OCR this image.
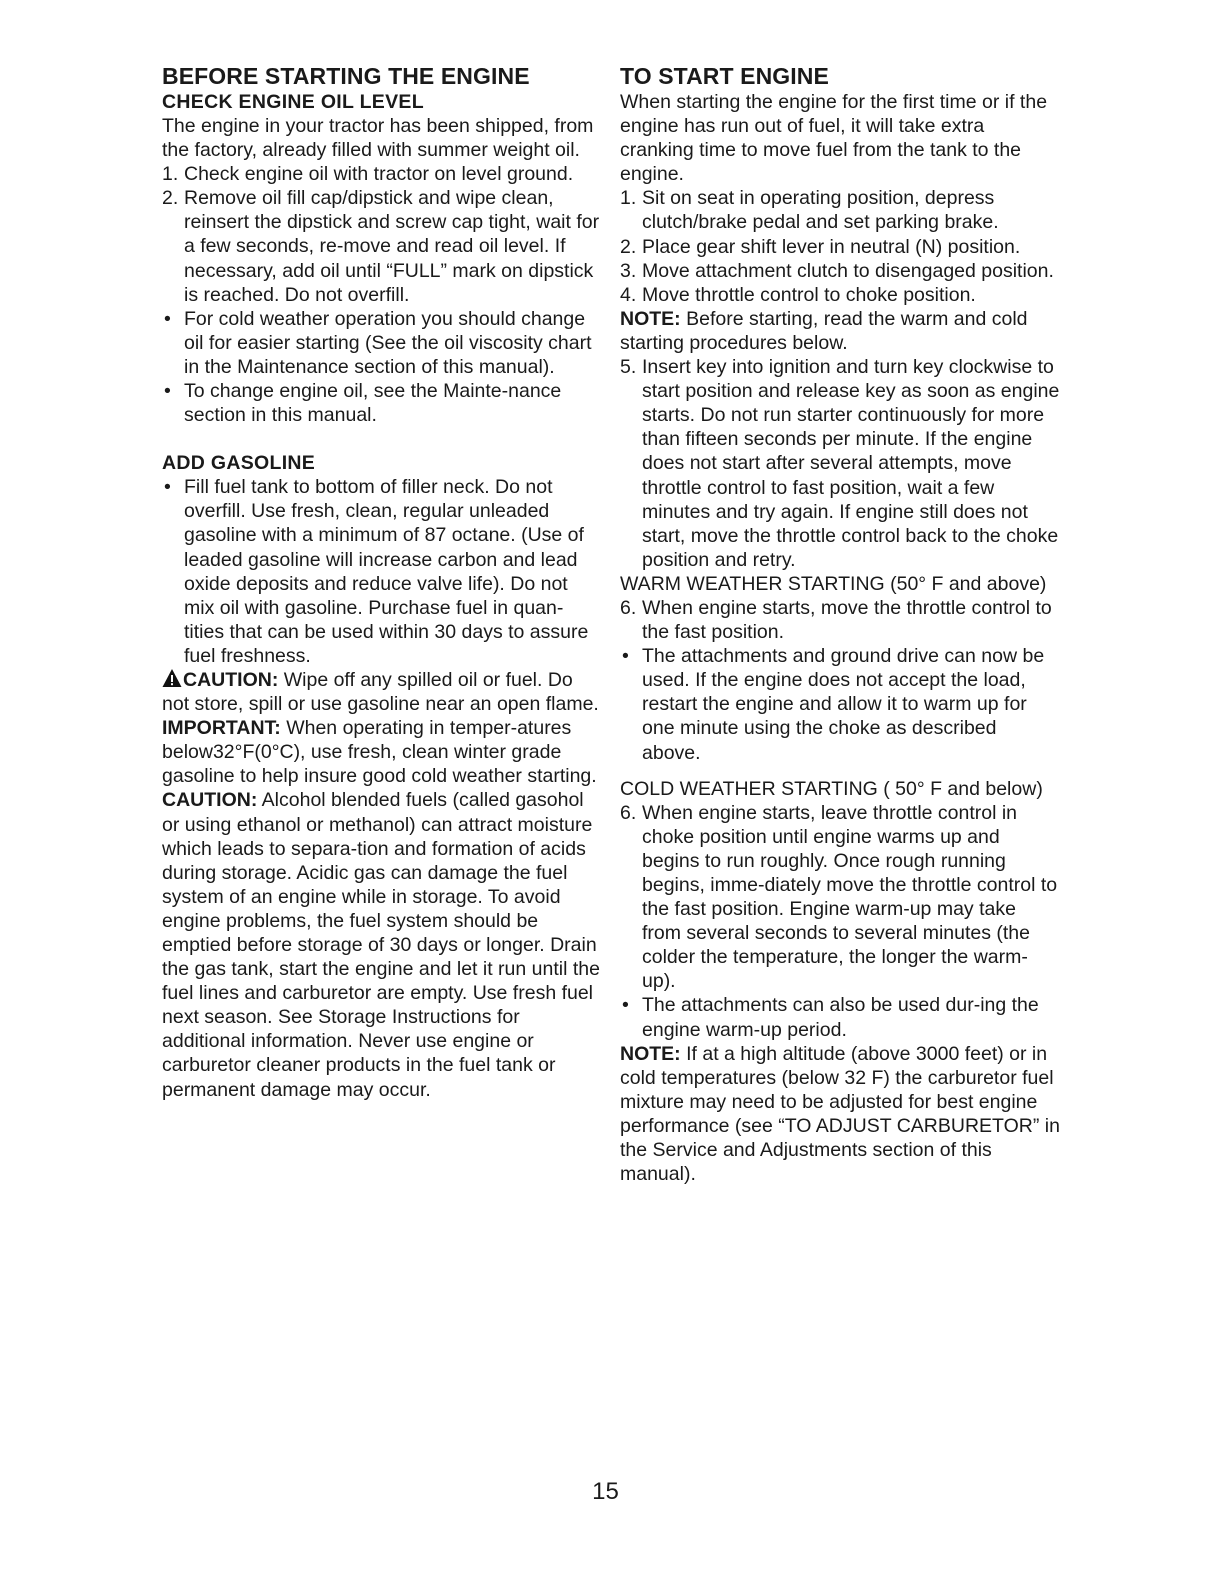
BEFORE STARTING THE ENGINE
CHECK ENGINE OIL LEVEL

The engine in your tractor has been shipped, from the factory, already filled with summer weight oil.

1. Check engine oil with tractor on level ground.
2. Remove oil fill cap/dipstick and wipe clean, reinsert the dipstick and screw cap tight, wait for a few seconds, re-move and read oil level. If necessary, add oil until “FULL” mark on dipstick is reached. Do not overfill.
• For cold weather operation you should change oil for easier starting (See the oil viscosity chart in the Maintenance section of this manual).
• To change engine oil, see the Mainte-nance section in this manual.
ADD GASOLINE
• Fill fuel tank to bottom of filler neck. Do not overfill. Use fresh, clean, regular unleaded gasoline with a minimum of 87 octane. (Use of leaded gasoline will increase carbon and lead oxide deposits and reduce valve life). Do not mix oil with gasoline. Purchase fuel in quan-tities that can be used within 30 days to assure fuel freshness.

CAUTION: Wipe off any spilled oil or fuel. Do not store, spill or use gasoline near an open flame.

IMPORTANT: When operating in temper-atures below32°F(0°C), use fresh, clean winter grade gasoline to help insure good cold weather starting.

CAUTION: Alcohol blended fuels (called gasohol or using ethanol or methanol) can attract moisture which leads to separa-tion and formation of acids during storage. Acidic gas can damage the fuel system of an engine while in storage. To avoid engine problems, the fuel system should be emptied before storage of 30 days or longer. Drain the gas tank, start the engine and let it run until the fuel lines and carburetor are empty. Use fresh fuel next season. See Storage Instructions for additional information. Never use engine or carburetor cleaner products in the fuel tank or permanent damage may occur.

TO START ENGINE

When starting the engine for the first time or if the engine has run out of fuel, it will take extra cranking time to move fuel from the tank to the engine.

1. Sit on seat in operating position, depress clutch/brake pedal and set parking brake.
2. Place gear shift lever in neutral (N) position.
3. Move attachment clutch to disengaged position.
4. Move throttle control to choke position.

NOTE: Before starting, read the warm and cold starting procedures below.

5. Insert key into ignition and turn key clockwise to start position and release key as soon as engine starts. Do not run starter continuously for more than fifteen seconds per minute. If the engine does not start after several attempts, move throttle control to fast position, wait a few minutes and try again. If engine still does not start, move the throttle control back to the choke position and retry.

WARM WEATHER STARTING (50° F and above)

6. When engine starts, move the throttle control to the fast position.
• The attachments and ground drive can now be used. If the engine does not accept the load, restart the engine and allow it to warm up for one minute using the choke as described above.

COLD WEATHER STARTING ( 50° F and below)

6. When engine starts, leave throttle control in choke position until engine warms up and begins to run roughly. Once rough running begins, imme-diately move the throttle control to the fast position. Engine warm-up may take from several seconds to several minutes (the colder the temperature, the longer the warm-up).
• The attachments can also be used dur-ing the engine warm-up period.

NOTE: If at a high altitude (above 3000 feet) or in cold temperatures (below 32 F) the carburetor fuel mixture may need to be adjusted for best engine performance (see “TO ADJUST CARBURETOR” in the Service and Adjustments section of this manual).

15
